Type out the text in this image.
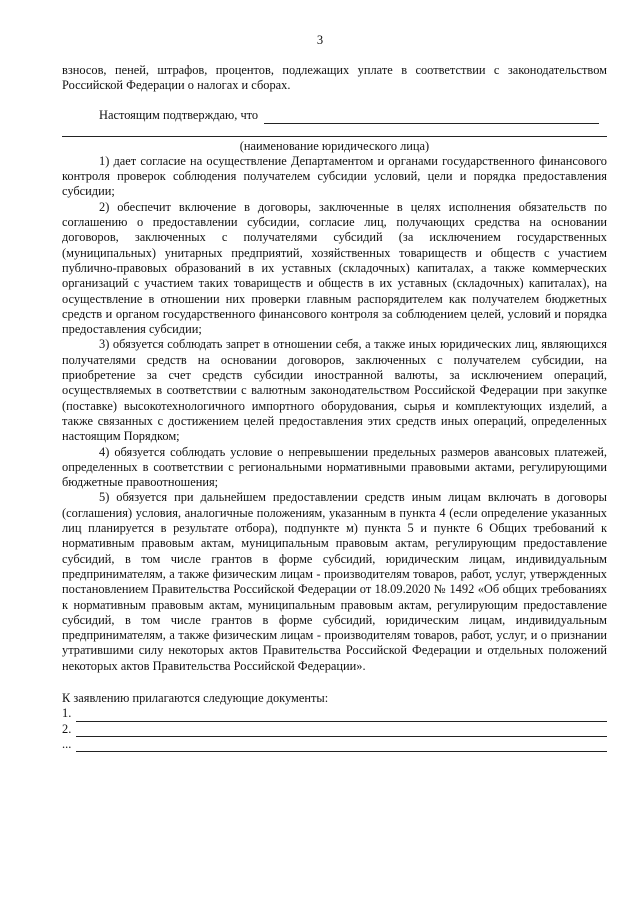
3

взносов, пеней, штрафов, процентов, подлежащих уплате в соответствии с законодательством Российской Федерации о налогах и сборах.

Настоящим подтверждаю, что

(наименование юридического лица)

1) дает согласие на осуществление Департаментом и органами государственного финансового контроля проверок соблюдения получателем субсидии условий, цели и порядка предоставления субсидии;

2) обеспечит включение в договоры, заключенные в целях исполнения обязательств по соглашению о предоставлении субсидии, согласие лиц, получающих средства на основании договоров, заключенных с получателями субсидий (за исключением государственных (муниципальных) унитарных предприятий, хозяйственных товариществ и обществ с участием публично-правовых образований в их уставных (складочных) капиталах, а также коммерческих организаций с участием таких товариществ и обществ в их уставных (складочных) капиталах), на осуществление в отношении них проверки главным распорядителем как получателем бюджетных средств и органом государственного финансового контроля за соблюдением целей, условий и порядка предоставления субсидии;

3) обязуется соблюдать запрет в отношении себя, а также иных юридических лиц, являющихся получателями средств на основании договоров, заключенных с получателем субсидии, на приобретение за счет средств субсидии иностранной валюты, за исключением операций, осуществляемых в соответствии с валютным законодательством Российской Федерации при закупке (поставке) высокотехнологичного импортного оборудования, сырья и комплектующих изделий, а также связанных с достижением целей предоставления этих средств иных операций, определенных настоящим Порядком;

4) обязуется соблюдать условие о непревышении предельных размеров авансовых платежей, определенных в соответствии с региональными нормативными правовыми актами, регулирующими бюджетные правоотношения;

5) обязуется при дальнейшем предоставлении средств иным лицам включать в договоры (соглашения) условия, аналогичные положениям, указанным в пункта 4 (если определение указанных лиц планируется в результате отбора), подпункте м) пункта 5 и пункте 6 Общих требований к нормативным правовым актам, муниципальным правовым актам, регулирующим предоставление субсидий, в том числе грантов в форме субсидий, юридическим лицам, индивидуальным предпринимателям, а также физическим лицам - производителям товаров, работ, услуг, утвержденных постановлением Правительства Российской Федерации от 18.09.2020 № 1492 «Об общих требованиях к нормативным правовым актам, муниципальным правовым актам, регулирующим предоставление субсидий, в том числе грантов в форме субсидий, юридическим лицам, индивидуальным предпринимателям, а также физическим лицам - производителям товаров, работ, услуг, и о признании утратившими силу некоторых актов Правительства Российской Федерации и отдельных положений некоторых актов Правительства Российской Федерации».

К заявлению прилагаются следующие документы:

1.
2.
...
